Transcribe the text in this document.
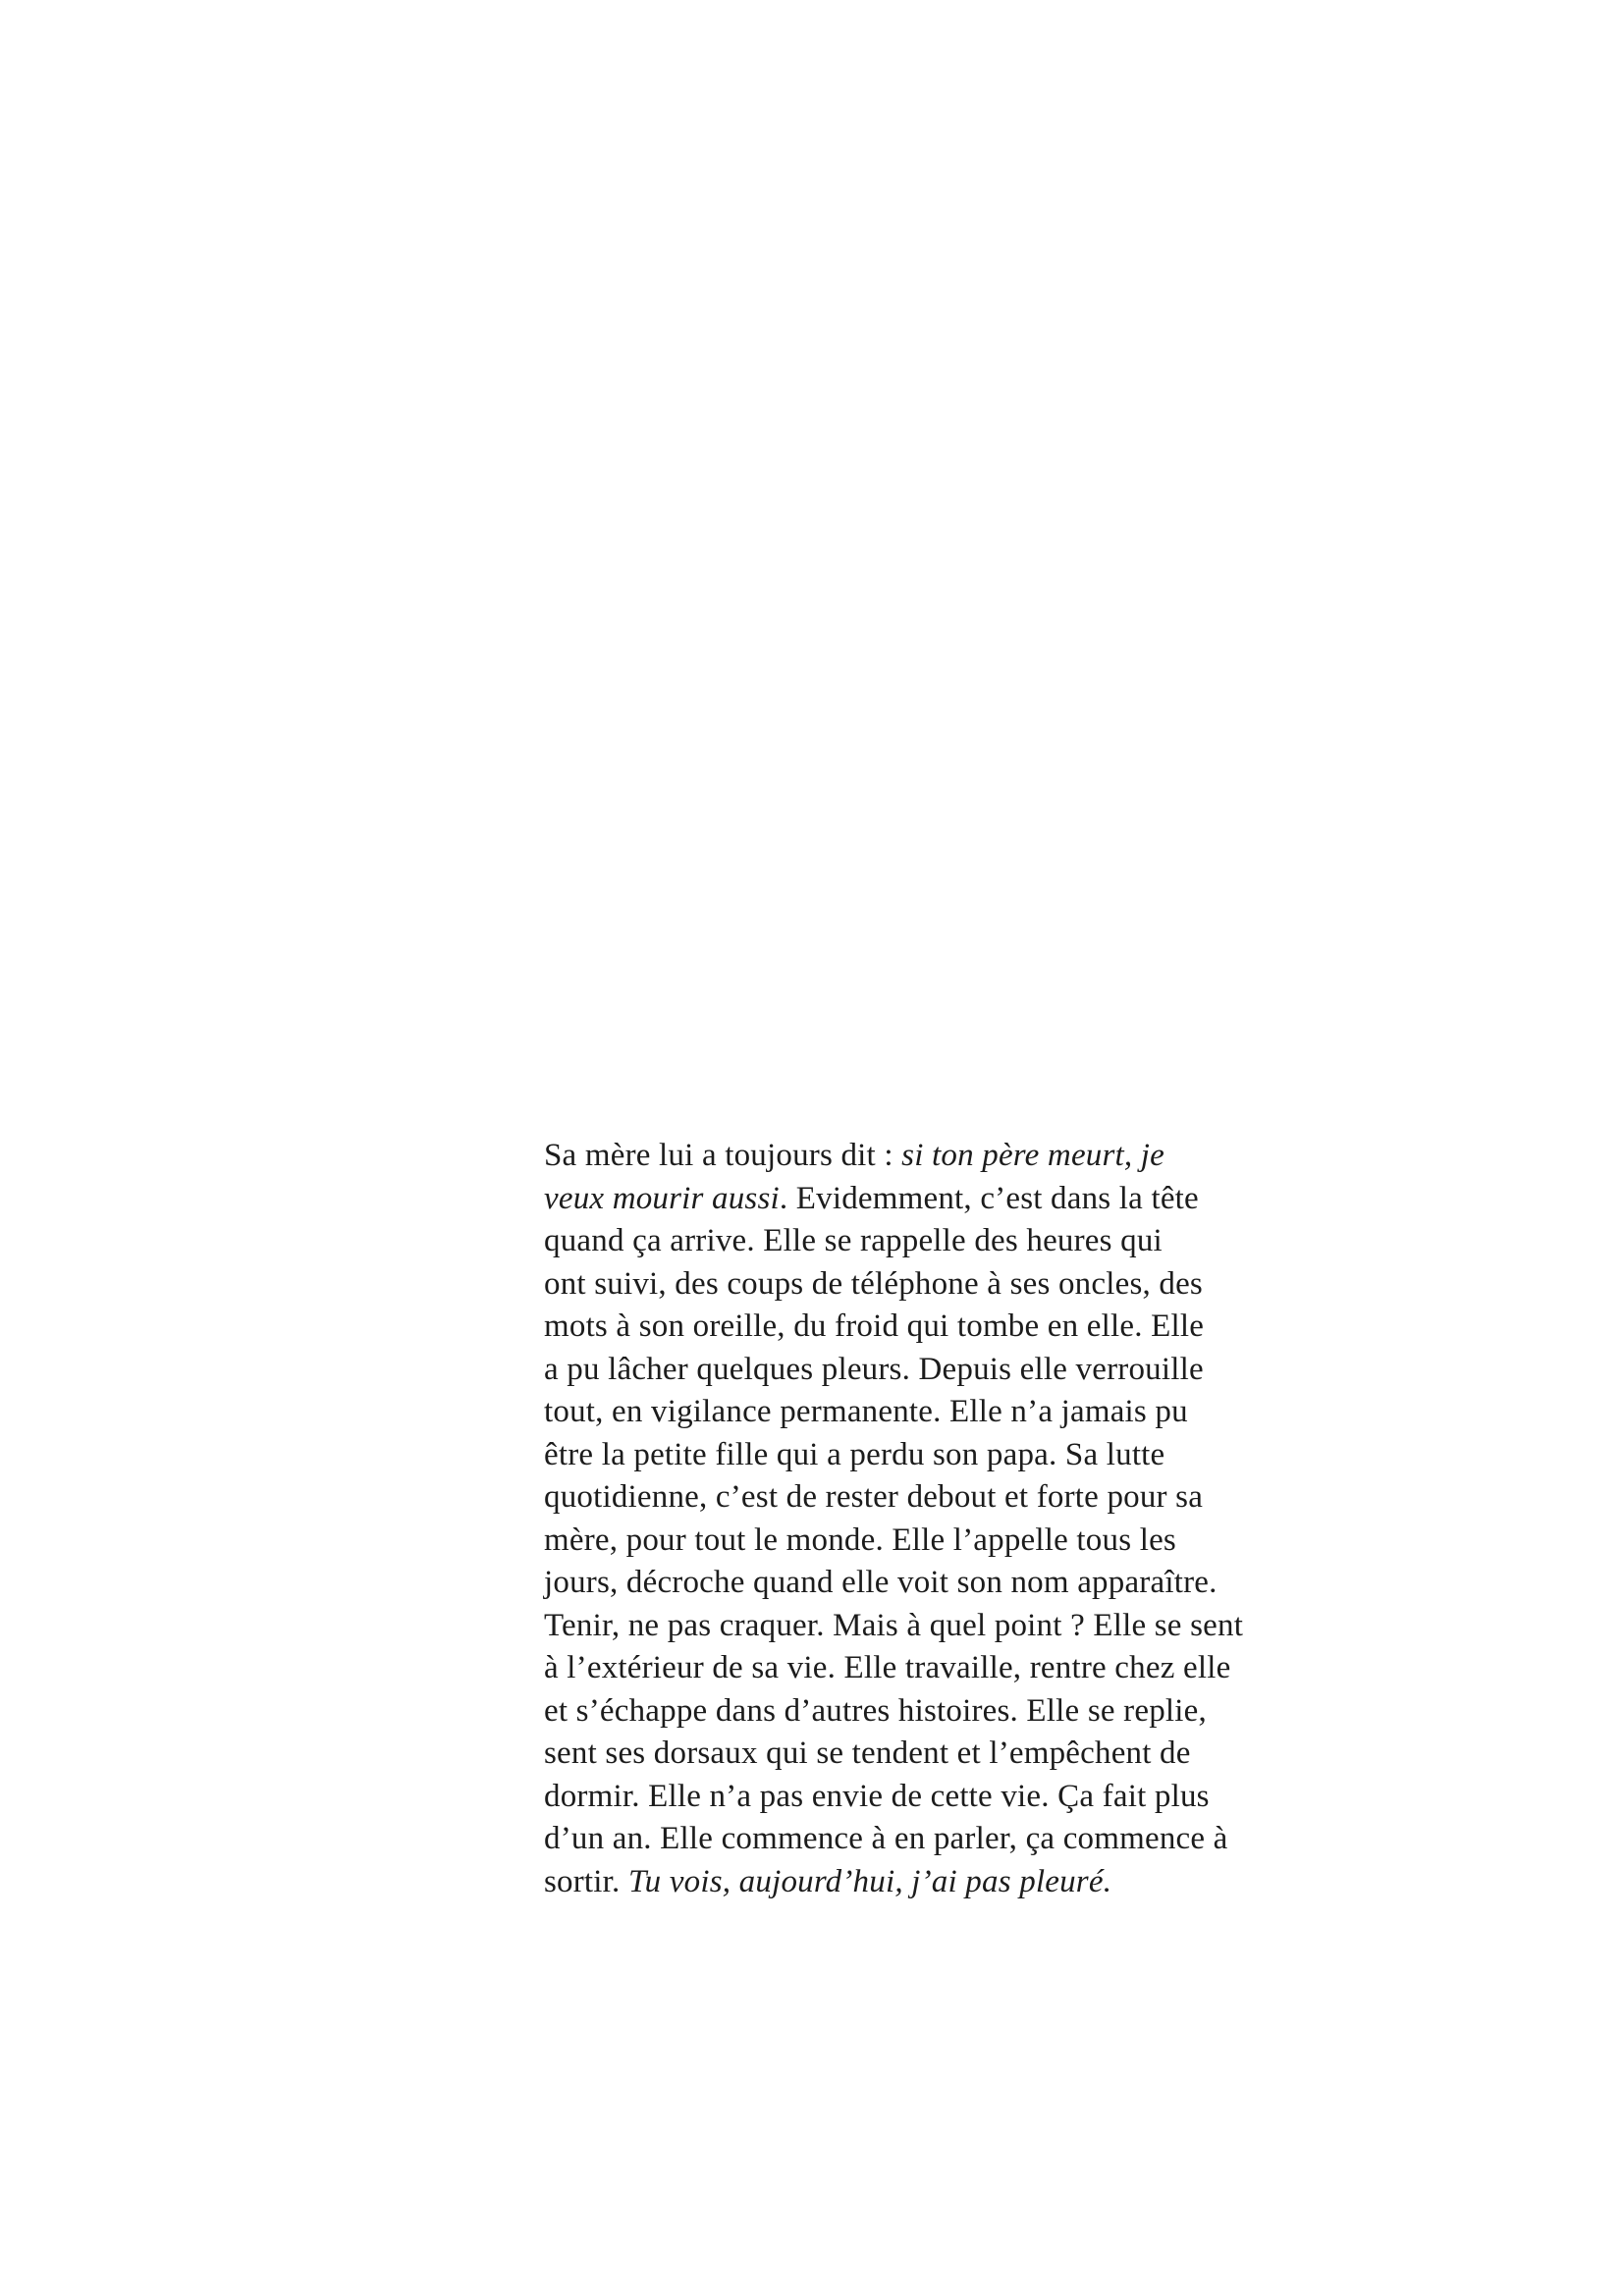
Sa mère lui a toujours dit : si ton père meurt, je
veux mourir aussi. Evidemment, c’est dans la tête
quand ça arrive. Elle se rappelle des heures qui
ont suivi, des coups de téléphone à ses oncles, des
mots à son oreille, du froid qui tombe en elle. Elle
a pu lâcher quelques pleurs. Depuis elle verrouille
tout, en vigilance permanente. Elle n’a jamais pu
être la petite fille qui a perdu son papa. Sa lutte
quotidienne, c’est de rester debout et forte pour sa
mère, pour tout le monde. Elle l’appelle tous les
jours, décroche quand elle voit son nom apparaître.
Tenir, ne pas craquer. Mais à quel point ? Elle se sent
à l’extérieur de sa vie. Elle travaille, rentre chez elle
et s’échappe dans d’autres histoires. Elle se replie,
sent ses dorsaux qui se tendent et l’empêchent de
dormir. Elle n’a pas envie de cette vie. Ça fait plus
d’un an. Elle commence à en parler, ça commence à
sortir. Tu vois, aujourd’hui, j’ai pas pleuré.
